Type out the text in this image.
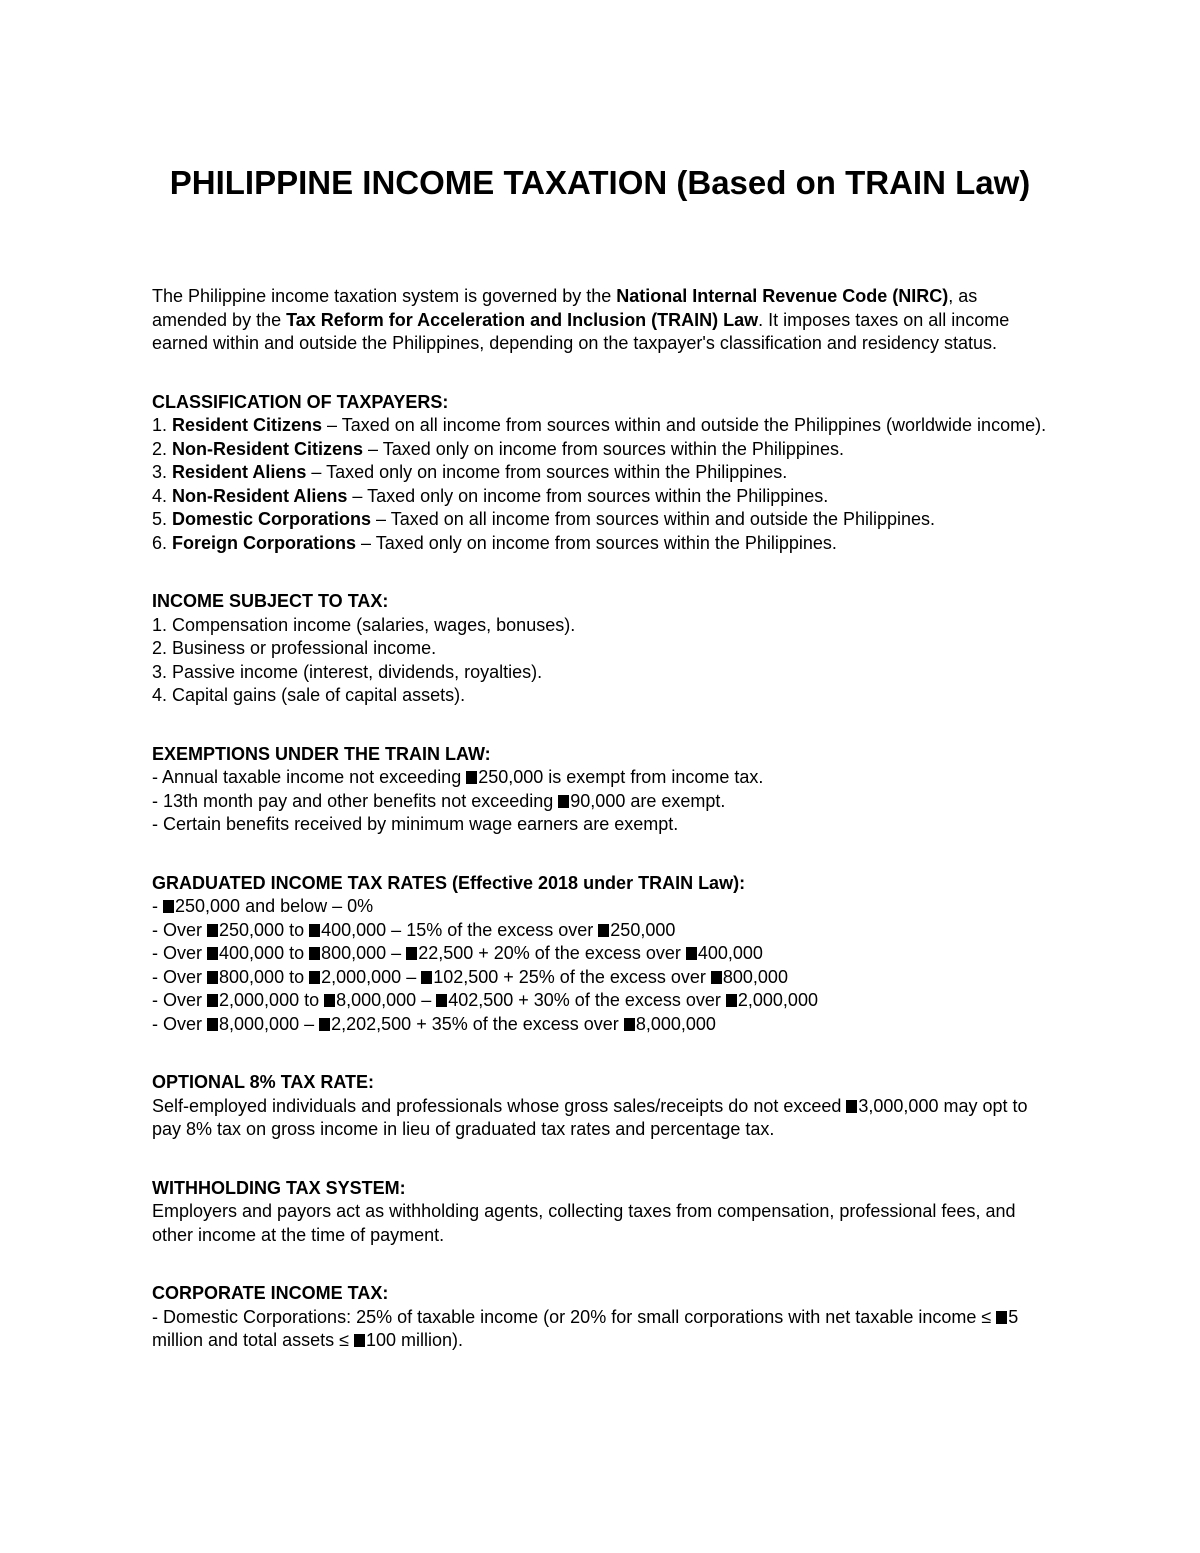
PHILIPPINE INCOME TAXATION (Based on TRAIN Law)

The Philippine income taxation system is governed by the National Internal Revenue Code (NIRC), as amended by the Tax Reform for Acceleration and Inclusion (TRAIN) Law. It imposes taxes on all income earned within and outside the Philippines, depending on the taxpayer's classification and residency status.

CLASSIFICATION OF TAXPAYERS:

1. Resident Citizens – Taxed on all income from sources within and outside the Philippines (worldwide income).

2. Non-Resident Citizens – Taxed only on income from sources within the Philippines.

3. Resident Aliens – Taxed only on income from sources within the Philippines.

4. Non-Resident Aliens – Taxed only on income from sources within the Philippines.

5. Domestic Corporations – Taxed on all income from sources within and outside the Philippines.

6. Foreign Corporations – Taxed only on income from sources within the Philippines.

INCOME SUBJECT TO TAX:

1. Compensation income (salaries, wages, bonuses).

2. Business or professional income.

3. Passive income (interest, dividends, royalties).

4. Capital gains (sale of capital assets).

EXEMPTIONS UNDER THE TRAIN LAW:

- Annual taxable income not exceeding 250,000 is exempt from income tax.

- 13th month pay and other benefits not exceeding 90,000 are exempt.

- Certain benefits received by minimum wage earners are exempt.

GRADUATED INCOME TAX RATES (Effective 2018 under TRAIN Law):

- 250,000 and below – 0%

- Over 250,000 to 400,000 – 15% of the excess over 250,000

- Over 400,000 to 800,000 – 22,500 + 20% of the excess over 400,000

- Over 800,000 to 2,000,000 – 102,500 + 25% of the excess over 800,000

- Over 2,000,000 to 8,000,000 – 402,500 + 30% of the excess over 2,000,000

- Over 8,000,000 – 2,202,500 + 35% of the excess over 8,000,000

OPTIONAL 8% TAX RATE:

Self-employed individuals and professionals whose gross sales/receipts do not exceed 3,000,000 may opt to pay 8% tax on gross income in lieu of graduated tax rates and percentage tax.

WITHHOLDING TAX SYSTEM:

Employers and payors act as withholding agents, collecting taxes from compensation, professional fees, and other income at the time of payment.

CORPORATE INCOME TAX:

- Domestic Corporations: 25% of taxable income (or 20% for small corporations with net taxable income ≤ 5 million and total assets ≤ 100 million).
